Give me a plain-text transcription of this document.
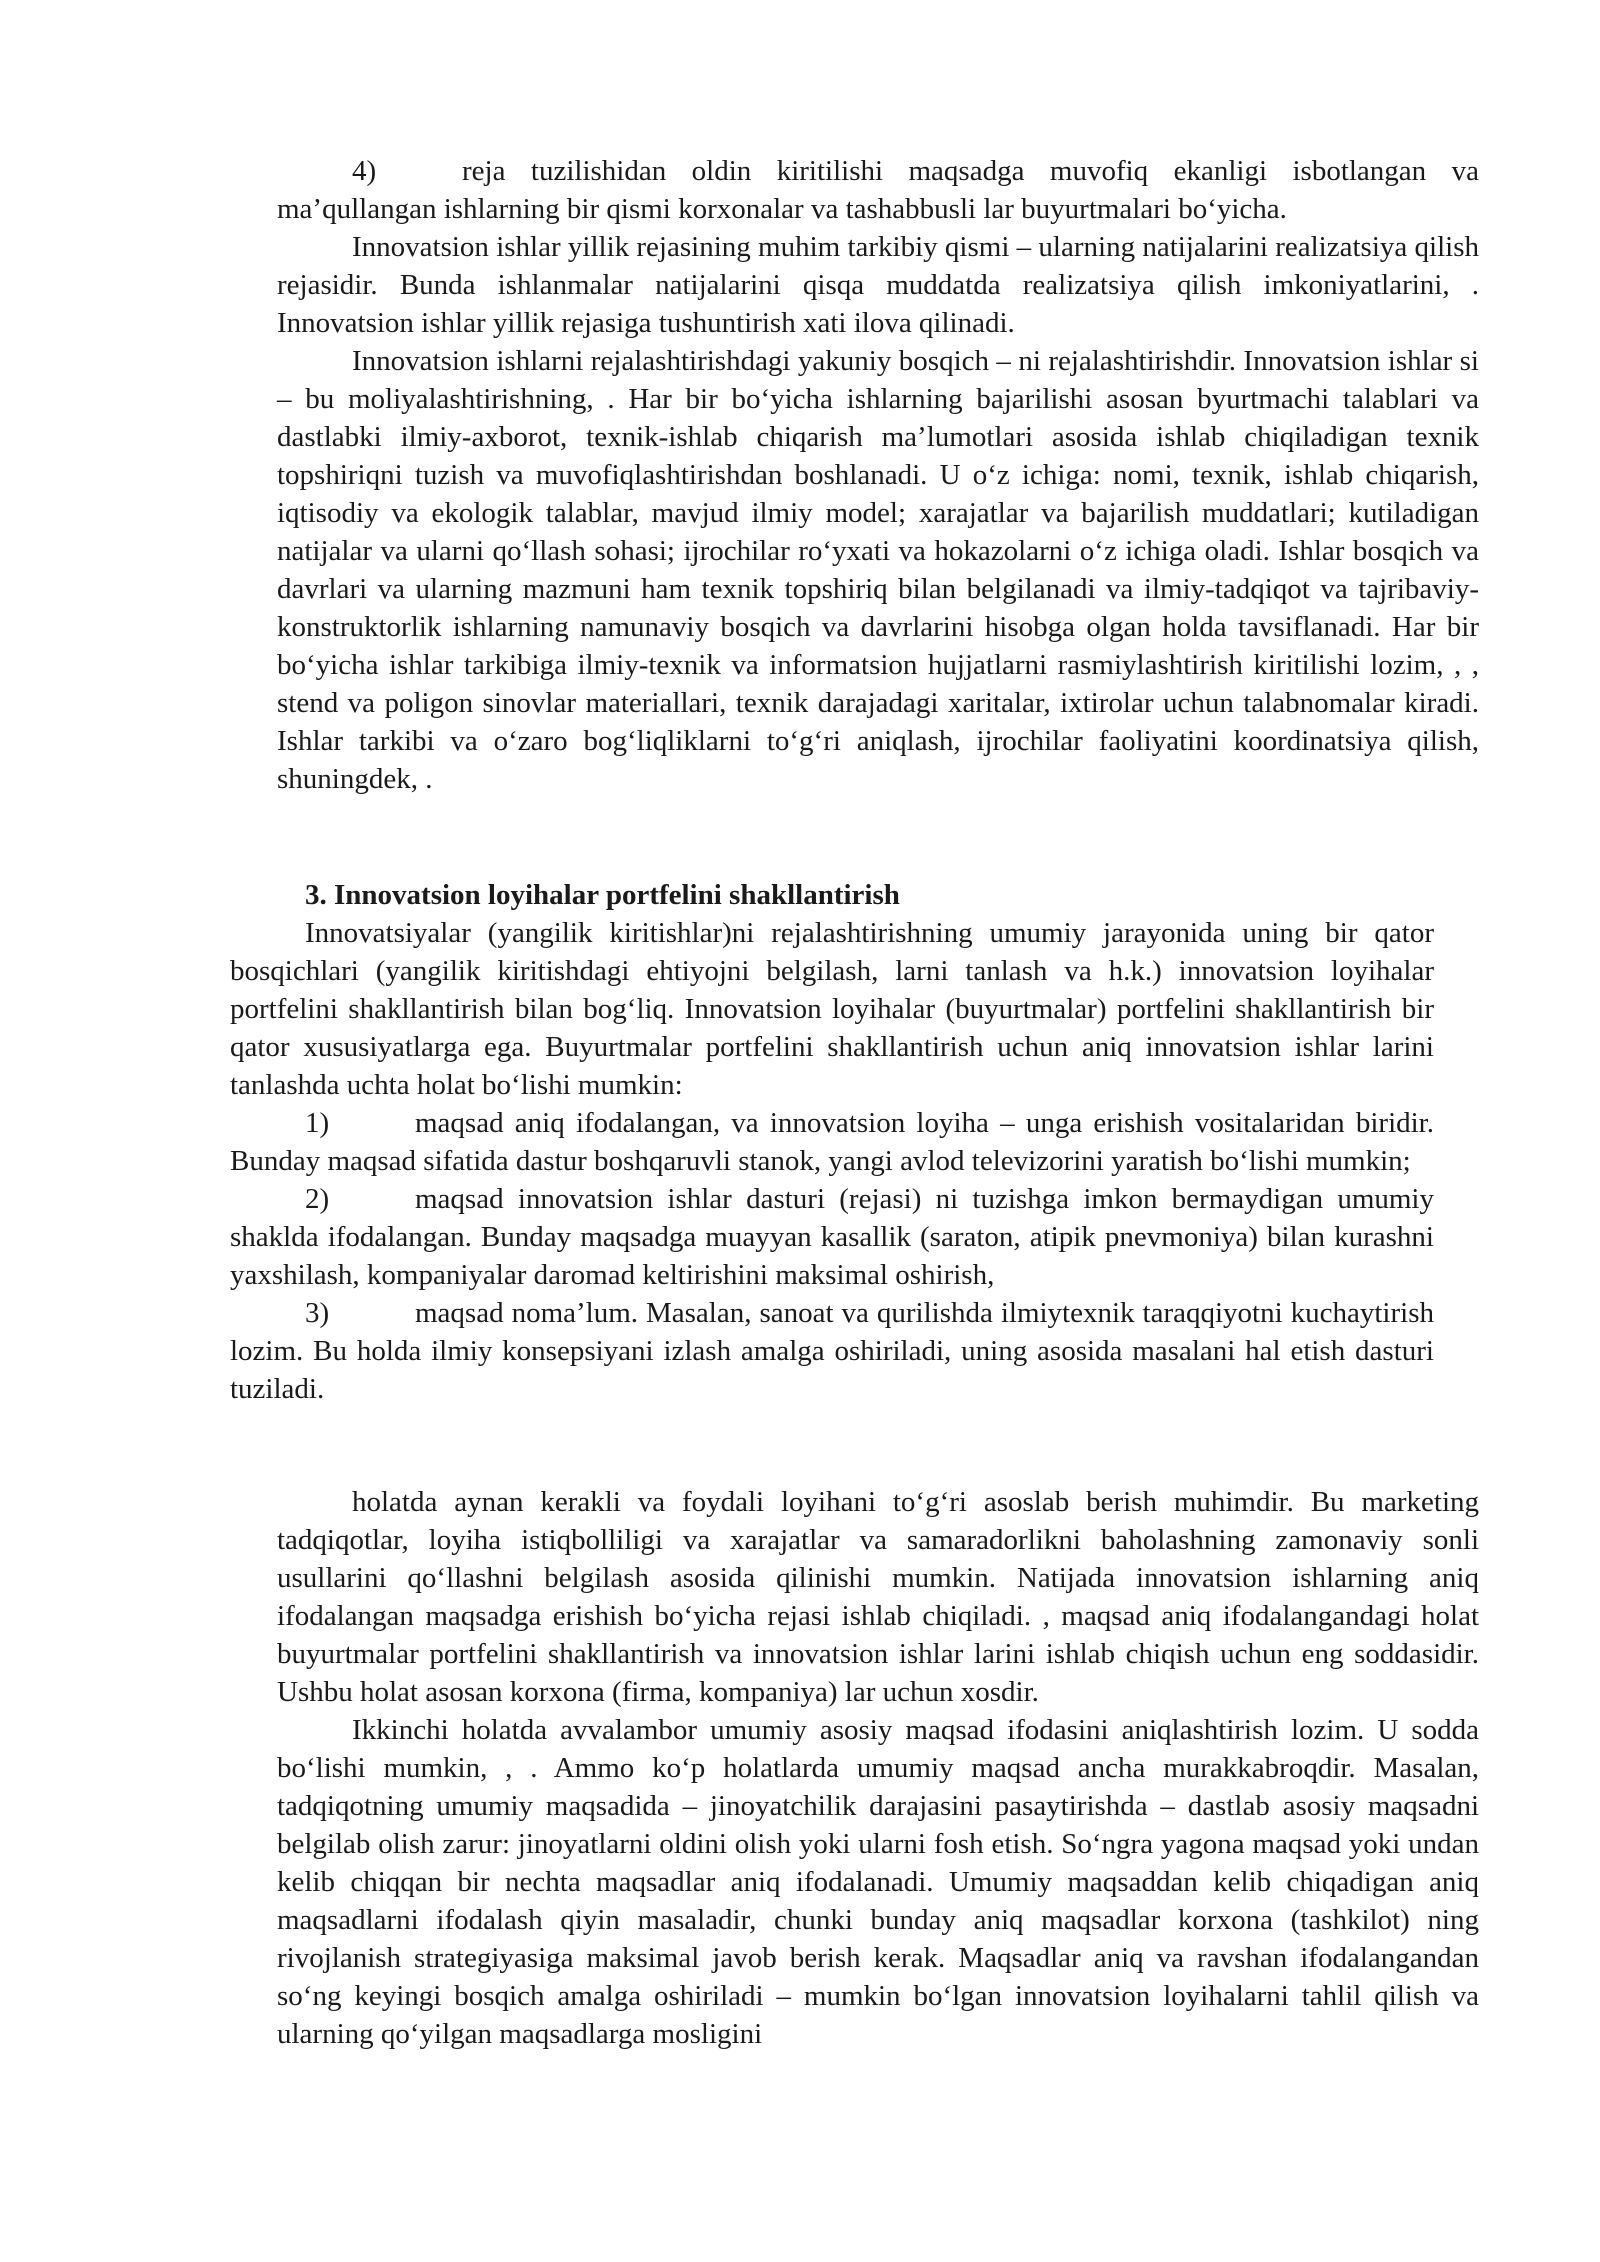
4)	reja tuzilishidan oldin kiritilishi maqsadga muvofiq ekanligi isbotlangan va ma’qullangan ishlarning bir qismi korxonalar va tashabbusli lar buyurtmalari bo‘yicha.

Innovatsion ishlar yillik rejasining muhim tarkibiy qismi – ularning natijalarini realizatsiya qilish rejasidir. Bunda ishlanmalar natijalarini qisqa muddatda realizatsiya qilish imkoniyatlarini, . Innovatsion ishlar yillik rejasiga tushuntirish xati ilova qilinadi.

Innovatsion ishlarni rejalashtirishdagi yakuniy bosqich – ni rejalashtirishdir. Innovatsion ishlar si – bu moliyalashtirishning, . Har bir bo‘yicha ishlarning bajarilishi asosan byurtmachi talablari va dastlabki ilmiy-axborot, texnik-ishlab chiqarish ma’lumotlari asosida ishlab chiqiladigan texnik topshiriqni tuzish va muvofiqlashtirishdan boshlanadi. U o‘z ichiga: nomi, texnik, ishlab chiqarish, iqtisodiy va ekologik talablar, mavjud ilmiy model; xarajatlar va bajarilish muddatlari; kutiladigan natijalar va ularni qo‘llash sohasi; ijrochilar ro‘yxati va hokazolarni o‘z ichiga oladi. Ishlar bosqich va davrlari va ularning mazmuni ham texnik topshiriq bilan belgilanadi va ilmiy-tadqiqot va tajribaviy-konstruktorlik ishlarning namunaviy bosqich va davrlarini hisobga olgan holda tavsiflanadi. Har bir bo‘yicha ishlar tarkibiga ilmiy-texnik va informatsion hujjatlarni rasmiylashtirish kiritilishi lozim, , , stend va poligon sinovlar materiallari, texnik darajadagi xaritalar, ixtirolar uchun talabnomalar kiradi. Ishlar tarkibi va o‘zaro bog‘liqliklarni to‘g‘ri aniqlash, ijrochilar faoliyatini koordinatsiya qilish, shuningdek, .

3. Innovatsion loyihalar portfelini shakllantirish

Innovatsiyalar (yangilik kiritishlar)ni rejalashtirishning umumiy jarayonida uning bir qator bosqichlari (yangilik kiritishdagi ehtiyojni belgilash, larni tanlash va h.k.) innovatsion loyihalar portfelini shakllantirish bilan bog‘liq. Innovatsion loyihalar (buyurtmalar) portfelini shakllantirish bir qator xususiyatlarga ega. Buyurtmalar portfelini shakllantirish uchun aniq innovatsion ishlar larini tanlashda uchta holat bo‘lishi mumkin:

1)	maqsad aniq ifodalangan, va innovatsion loyiha – unga erishish vositalaridan biridir. Bunday maqsad sifatida dastur boshqaruvli stanok, yangi avlod televizorini yaratish bo‘lishi mumkin;

2)	maqsad innovatsion ishlar dasturi (rejasi) ni tuzishga imkon bermaydigan umumiy shaklda ifodalangan. Bunday maqsadga muayyan kasallik (saraton, atipik pnevmoniya) bilan kurashni yaxshilash, kompaniyalar daromad keltirishini maksimal oshirish,

3)	maqsad noma’lum. Masalan, sanoat va qurilishda ilmiytexnik taraqqiyotni kuchaytirish lozim. Bu holda ilmiy konsepsiyani izlash amalga oshiriladi, uning asosida masalani hal etish dasturi tuziladi.

holatda aynan kerakli va foydali loyihani to‘g‘ri asoslab berish muhimdir. Bu marketing tadqiqotlar, loyiha istiqbolliligi va xarajatlar va samaradorlikni baholashning zamonaviy sonli usullarini qo‘llashni belgilash asosida qilinishi mumkin. Natijada innovatsion ishlarning aniq ifodalangan maqsadga erishish bo‘yicha rejasi ishlab chiqiladi. , maqsad aniq ifodalangandagi holat buyurtmalar portfelini shakllantirish va innovatsion ishlar larini ishlab chiqish uchun eng soddasidir. Ushbu holat asosan korxona (firma, kompaniya) lar uchun xosdir.

Ikkinchi holatda avvalambor umumiy asosiy maqsad ifodasini aniqlashtirish lozim. U sodda bo‘lishi mumkin, , . Ammo ko‘p holatlarda umumiy maqsad ancha murakkabroqdir. Masalan, tadqiqotning umumiy maqsadida – jinoyatchilik darajasini pasaytirishda – dastlab asosiy maqsadni belgilab olish zarur: jinoyatlarni oldini olish yoki ularni fosh etish. So‘ngra yagona maqsad yoki undan kelib chiqqan bir nechta maqsadlar aniq ifodalanadi. Umumiy maqsaddan kelib chiqadigan aniq maqsadlarni ifodalash qiyin masaladir, chunki bunday aniq maqsadlar korxona (tashkilot) ning rivojlanish strategiyasiga maksimal javob berish kerak. Maqsadlar aniq va ravshan ifodalangandan so‘ng keyingi bosqich amalga oshiriladi – mumkin bo‘lgan innovatsion loyihalarni tahlil qilish va ularning qo‘yilgan maqsadlarga mosligini
